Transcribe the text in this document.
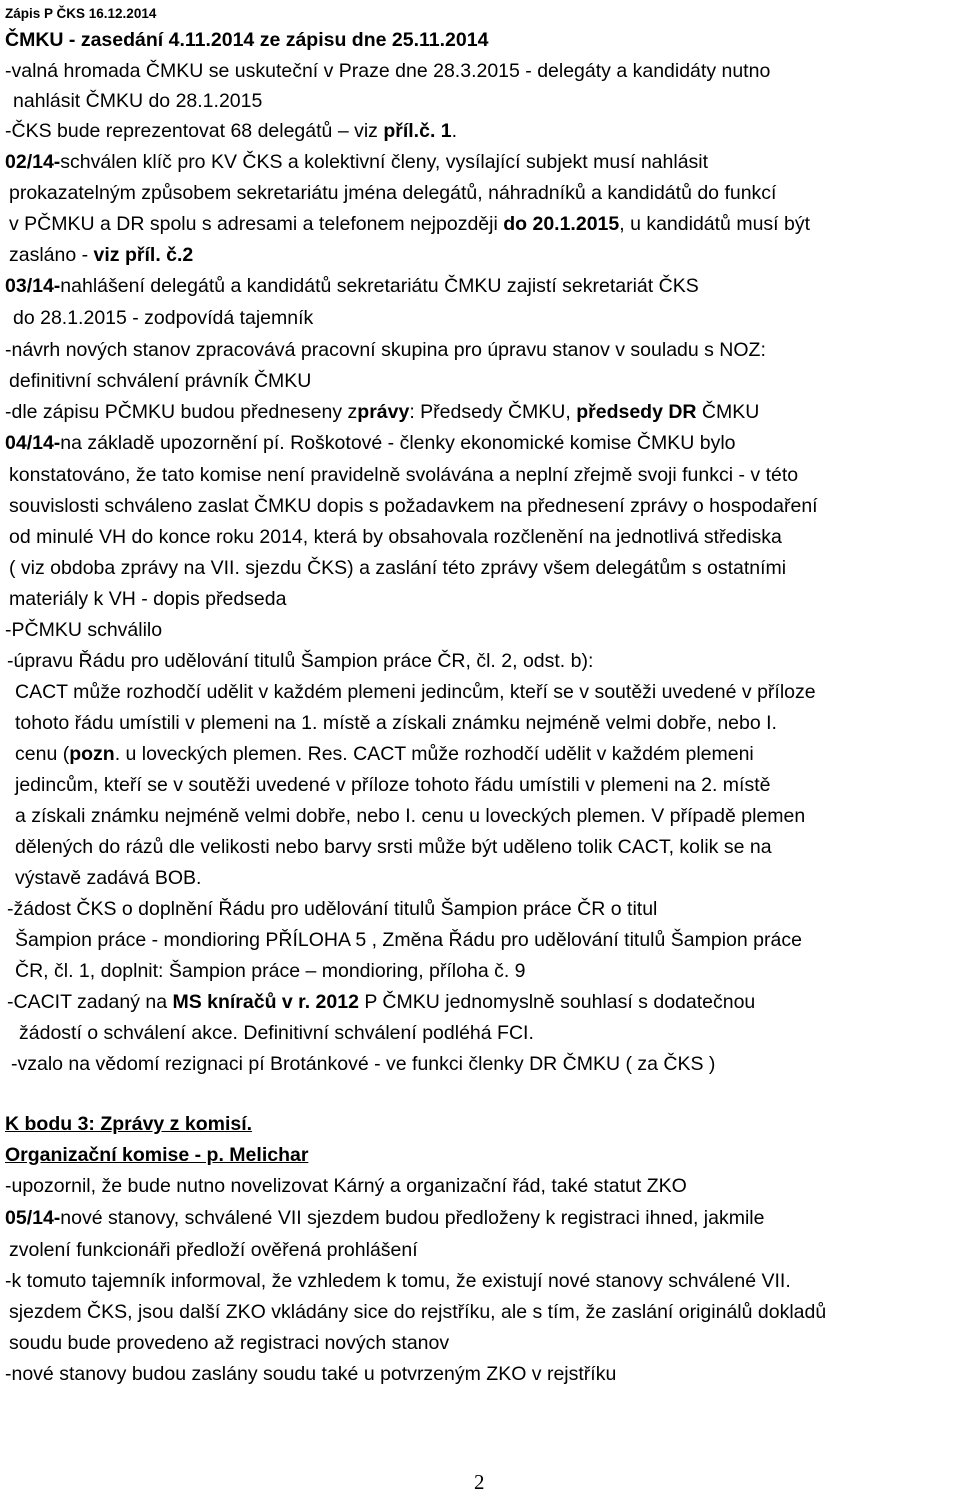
Zápis P ČKS 16.12.2014
ČMKU - zasedání 4.11.2014 ze zápisu dne 25.11.2014
-valná hromada ČMKU se uskuteční v Praze dne 28.3.2015 - delegáty a kandidáty nutno
nahlásit ČMKU do 28.1.2015
-ČKS bude reprezentovat 68 delegátů – viz příl.č. 1.
02/14-schválen klíč pro KV ČKS a kolektivní členy, vysílající subjekt musí nahlásit
prokazatelným způsobem sekretariátu jména delegátů, náhradníků a kandidátů do funkcí
v PČMKU a DR spolu s adresami a telefonem nejpozději do 20.1.2015, u kandidátů musí být
zasláno - viz příl. č.2
03/14-nahlášení delegátů a kandidátů sekretariátu ČMKU zajistí sekretariát ČKS
do 28.1.2015 - zodpovídá tajemník
-návrh nových stanov zpracovává pracovní skupina pro úpravu stanov v souladu s NOZ:
definitivní schválení právník ČMKU
-dle zápisu PČMKU budou předneseny zprávy: Předsedy ČMKU, předsedy DR ČMKU
04/14-na základě upozornění pí. Roškotové - členky ekonomické komise ČMKU bylo
konstatováno, že tato komise není pravidelně svolávána a neplní zřejmě svoji funkci - v této
souvislosti schváleno zaslat ČMKU dopis s požadavkem na přednesení zprávy o hospodaření
od minulé VH do konce roku 2014, která by obsahovala rozčlenění na jednotlivá střediska
( viz obdoba zprávy na VII. sjezdu ČKS) a zaslání této zprávy všem delegátům s ostatními
materiály k VH - dopis předseda
-PČMKU schválilo
-úpravu Řádu pro udělování titulů Šampion práce ČR, čl. 2, odst. b):
CACT může rozhodčí udělit v každém plemeni jedincům, kteří se v soutěži uvedené v příloze
tohoto řádu umístili v plemeni na 1. místě a získali známku nejméně velmi dobře, nebo I.
cenu (pozn. u loveckých plemen. Res. CACT může rozhodčí udělit v každém plemeni
jedincům, kteří se v soutěži uvedené v příloze tohoto řádu umístili v plemeni na 2. místě
a získali známku nejméně velmi dobře, nebo I. cenu u loveckých plemen. V případě plemen
dělených do rázů dle velikosti nebo barvy srsti může být uděleno tolik CACT, kolik se na
výstavě zadává BOB.
-žádost ČKS o doplnění Řádu pro udělování titulů Šampion práce ČR o titul
Šampion práce - mondioring PŘÍLOHA 5 , Změna Řádu pro udělování titulů Šampion práce
ČR, čl. 1, doplnit: Šampion práce – mondioring, příloha č. 9
-CACIT zadaný na MS kníračů v r. 2012 P ČMKU jednomyslně souhlasí s dodatečnou
žádostí o schválení akce. Definitivní schválení podléhá FCI.
-vzalo na vědomí rezignaci pí Brotánkové - ve funkci členky DR ČMKU ( za ČKS )
K bodu 3: Zprávy z komisí.
Organizační komise - p. Melichar
-upozornil, že bude nutno novelizovat Kárný a organizační řád, také statut ZKO
05/14-nové stanovy, schválené VII sjezdem budou předloženy k registraci ihned, jakmile
zvolení funkcionáři předloží ověřená prohlášení
-k tomuto tajemník informoval, že vzhledem k tomu, že existují nové stanovy schválené VII.
sjezdem ČKS, jsou další ZKO vkládány sice do rejstříku, ale s tím, že zaslání originálů dokladů
soudu bude provedeno až registraci nových stanov
-nové stanovy budou zaslány soudu také u potvrzeným ZKO v rejstříku
2
